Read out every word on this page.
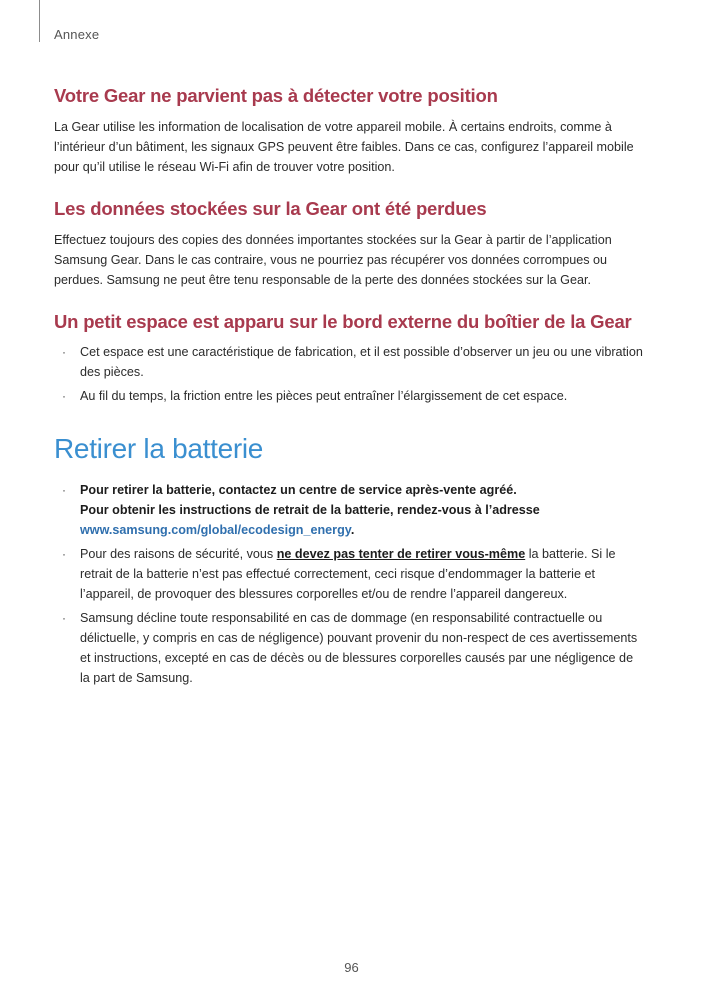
Annexe
Votre Gear ne parvient pas à détecter votre position

La Gear utilise les information de localisation de votre appareil mobile. À certains endroits, comme à l’intérieur d’un bâtiment, les signaux GPS peuvent être faibles. Dans ce cas, configurez l’appareil mobile pour qu’il utilise le réseau Wi-Fi afin de trouver votre position.

Les données stockées sur la Gear ont été perdues

Effectuez toujours des copies des données importantes stockées sur la Gear à partir de l’application Samsung Gear. Dans le cas contraire, vous ne pourriez pas récupérer vos données corrompues ou perdues. Samsung ne peut être tenu responsable de la perte des données stockées sur la Gear.

Un petit espace est apparu sur le bord externe du boîtier de la Gear
· Cet espace est une caractéristique de fabrication, et il est possible d’observer un jeu ou une vibration des pièces.
· Au fil du temps, la friction entre les pièces peut entraîner l’élargissement de cet espace.
Retirer la batterie
· Pour retirer la batterie, contactez un centre de service après-vente agréé.
Pour obtenir les instructions de retrait de la batterie, rendez-vous à l’adresse
www.samsung.com/global/ecodesign_energy.
· Pour des raisons de sécurité, vous ne devez pas tenter de retirer vous-même la batterie. Si le retrait de la batterie n’est pas effectué correctement, ceci risque d’endommager la batterie et l’appareil, de provoquer des blessures corporelles et/ou de rendre l’appareil dangereux.
· Samsung décline toute responsabilité en cas de dommage (en responsabilité contractuelle ou délictuelle, y compris en cas de négligence) pouvant provenir du non-respect de ces avertissements et instructions, excepté en cas de décès ou de blessures corporelles causés par une négligence de la part de Samsung.
96
